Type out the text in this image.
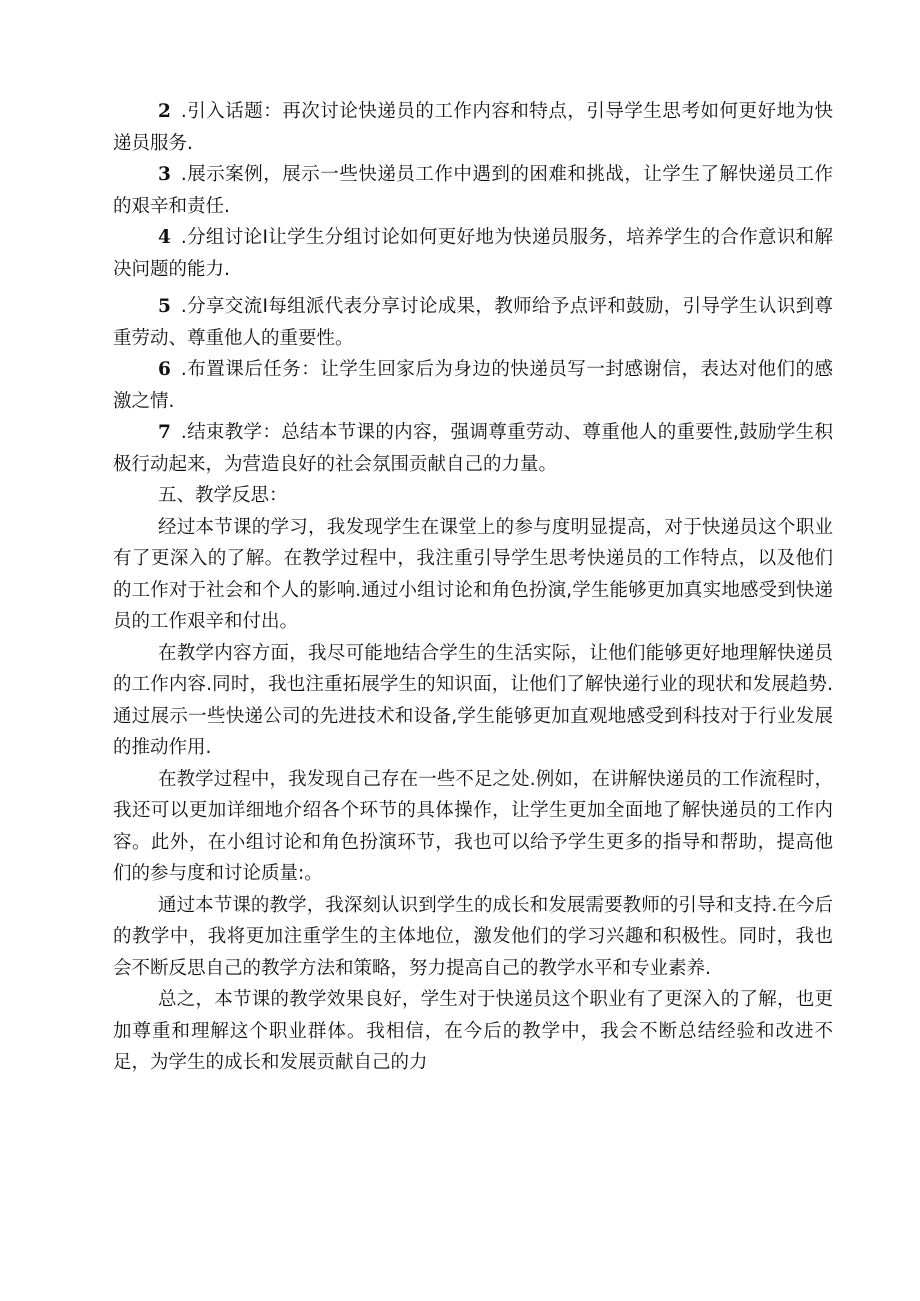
2 .引入话题：再次讨论快递员的工作内容和特点，引导学生思考如何更好地为快递员服务.

3 .展示案例，展示一些快递员工作中遇到的困难和挑战，让学生了解快递员工作的艰辛和责任.

4 .分组讨论I让学生分组讨论如何更好地为快递员服务，培养学生的合作意识和解决问题的能力.

5 .分享交流I每组派代表分享讨论成果，教师给予点评和鼓励，引导学生认识到尊重劳动、尊重他人的重要性。

6 .布置课后任务：让学生回家后为身边的快递员写一封感谢信，表达对他们的感激之情.

7 .结束教学：总结本节课的内容，强调尊重劳动、尊重他人的重要性,鼓励学生积极行动起来，为营造良好的社会氛围贡献自己的力量。

五、教学反思：

经过本节课的学习，我发现学生在课堂上的参与度明显提高，对于快递员这个职业有了更深入的了解。在教学过程中，我注重引导学生思考快递员的工作特点，以及他们的工作对于社会和个人的影响.通过小组讨论和角色扮演,学生能够更加真实地感受到快递员的工作艰辛和付出。

在教学内容方面，我尽可能地结合学生的生活实际，让他们能够更好地理解快递员的工作内容.同时，我也注重拓展学生的知识面，让他们了解快递行业的现状和发展趋势.通过展示一些快递公司的先进技术和设备,学生能够更加直观地感受到科技对于行业发展的推动作用.

在教学过程中，我发现自己存在一些不足之处.例如，在讲解快递员的工作流程时，我还可以更加详细地介绍各个环节的具体操作，让学生更加全面地了解快递员的工作内容。此外，在小组讨论和角色扮演环节，我也可以给予学生更多的指导和帮助，提高他们的参与度和讨论质量:。

通过本节课的教学，我深刻认识到学生的成长和发展需要教师的引导和支持.在今后的教学中，我将更加注重学生的主体地位，激发他们的学习兴趣和积极性。同时，我也会不断反思自己的教学方法和策略，努力提高自己的教学水平和专业素养.

总之，本节课的教学效果良好，学生对于快递员这个职业有了更深入的了解，也更加尊重和理解这个职业群体。我相信，在今后的教学中，我会不断总结经验和改进不足，为学生的成长和发展贡献自己的力
